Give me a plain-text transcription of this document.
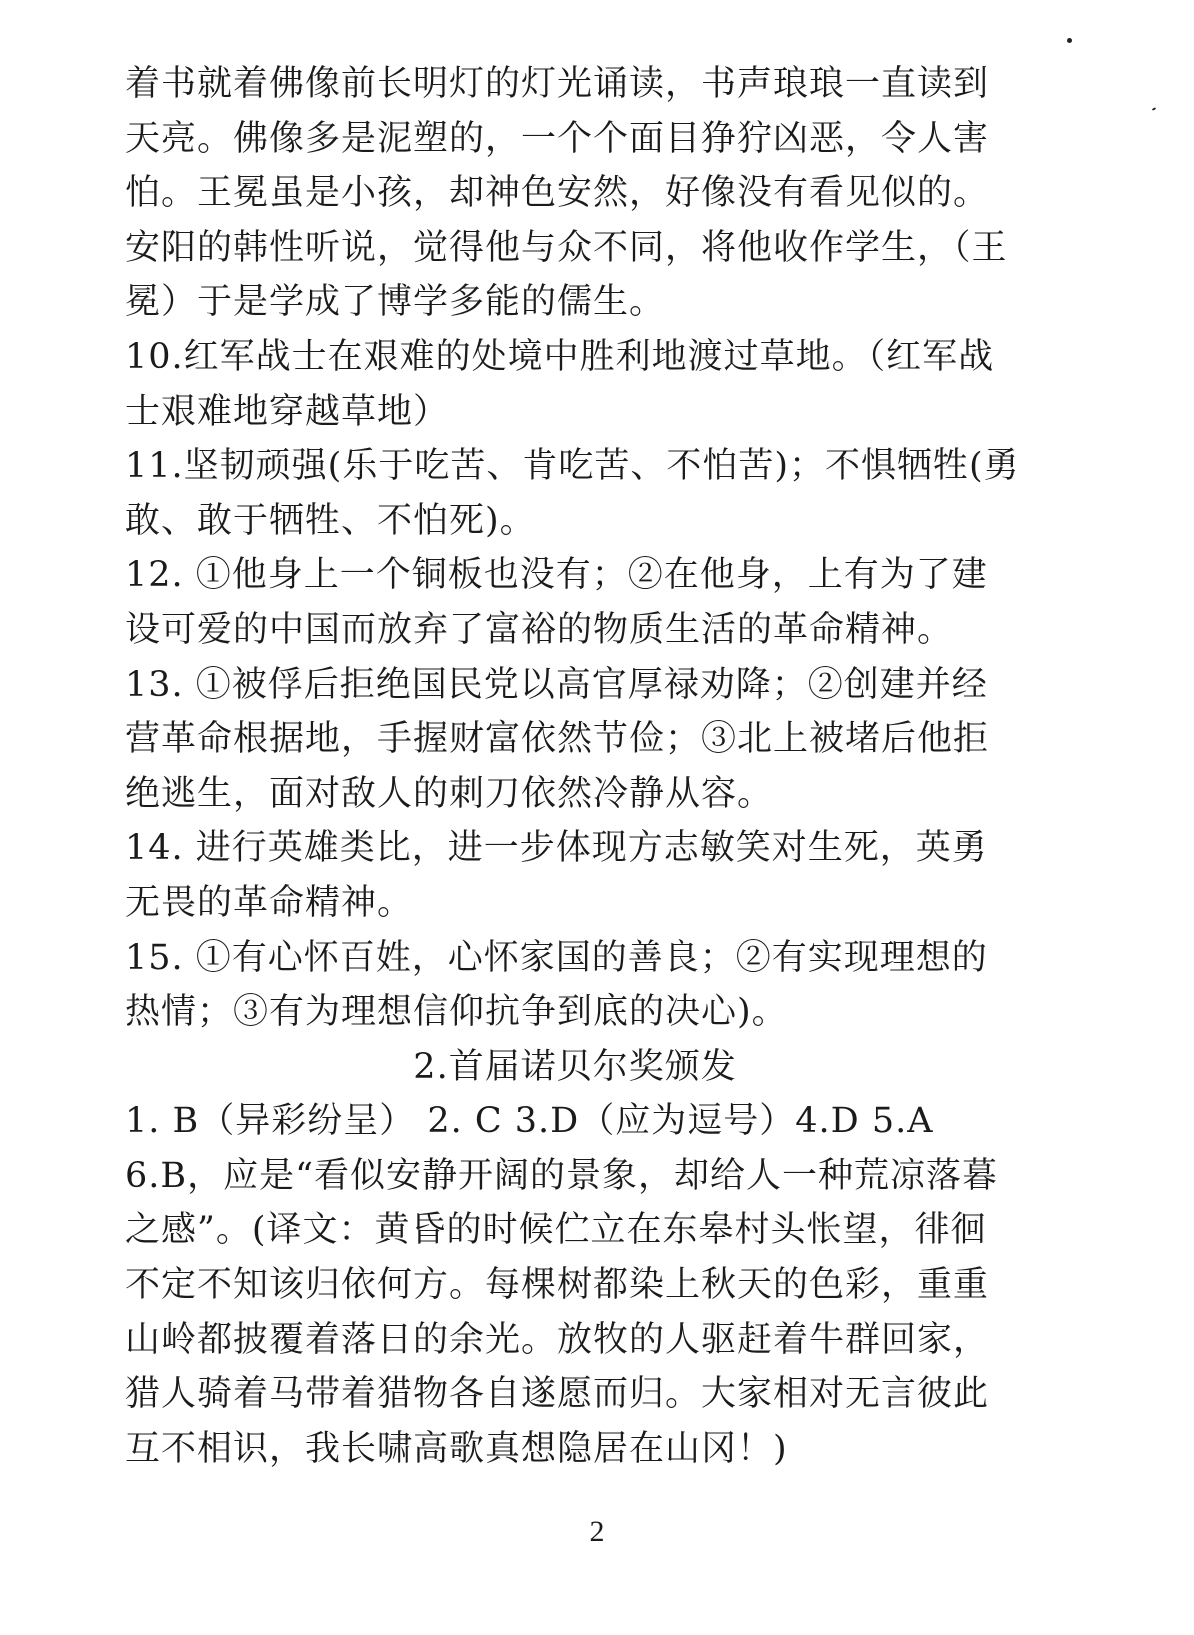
着书就着佛像前长明灯的灯光诵读，书声琅琅一直读到
天亮。佛像多是泥塑的，一个个面目狰狞凶恶，令人害
怕。王冕虽是小孩，却神色安然，好像没有看见似的。
安阳的韩性听说，觉得他与众不同，将他收作学生，（王
冕）于是学成了博学多能的儒生。
10.红军战士在艰难的处境中胜利地渡过草地。（红军战
士艰难地穿越草地）
11.坚韧顽强(乐于吃苦、肯吃苦、不怕苦)；不惧牺牲(勇
敢、敢于牺牲、不怕死)。
12. ①他身上一个铜板也没有；②在他身，上有为了建
设可爱的中国而放弃了富裕的物质生活的革命精神。
13. ①被俘后拒绝国民党以高官厚禄劝降；②创建并经
营革命根据地，手握财富依然节俭；③北上被堵后他拒
绝逃生，面对敌人的刺刀依然冷静从容。
14. 进行英雄类比，进一步体现方志敏笑对生死，英勇
无畏的革命精神。
15. ①有心怀百姓，心怀家国的善良；②有实现理想的
热情；③有为理想信仰抗争到底的决心)。
2.首届诺贝尔奖颁发
1. B（异彩纷呈） 2. C 3.D（应为逗号）4.D 5.A
6.B，应是“看似安静开阔的景象，却给人一种荒凉落暮
之感”。(译文：黄昏的时候伫立在东皋村头怅望，徘徊
不定不知该归依何方。每棵树都染上秋天的色彩，重重
山岭都披覆着落日的余光。放牧的人驱赶着牛群回家，
猎人骑着马带着猎物各自遂愿而归。大家相对无言彼此
互不相识，我长啸高歌真想隐居在山冈！)
2
